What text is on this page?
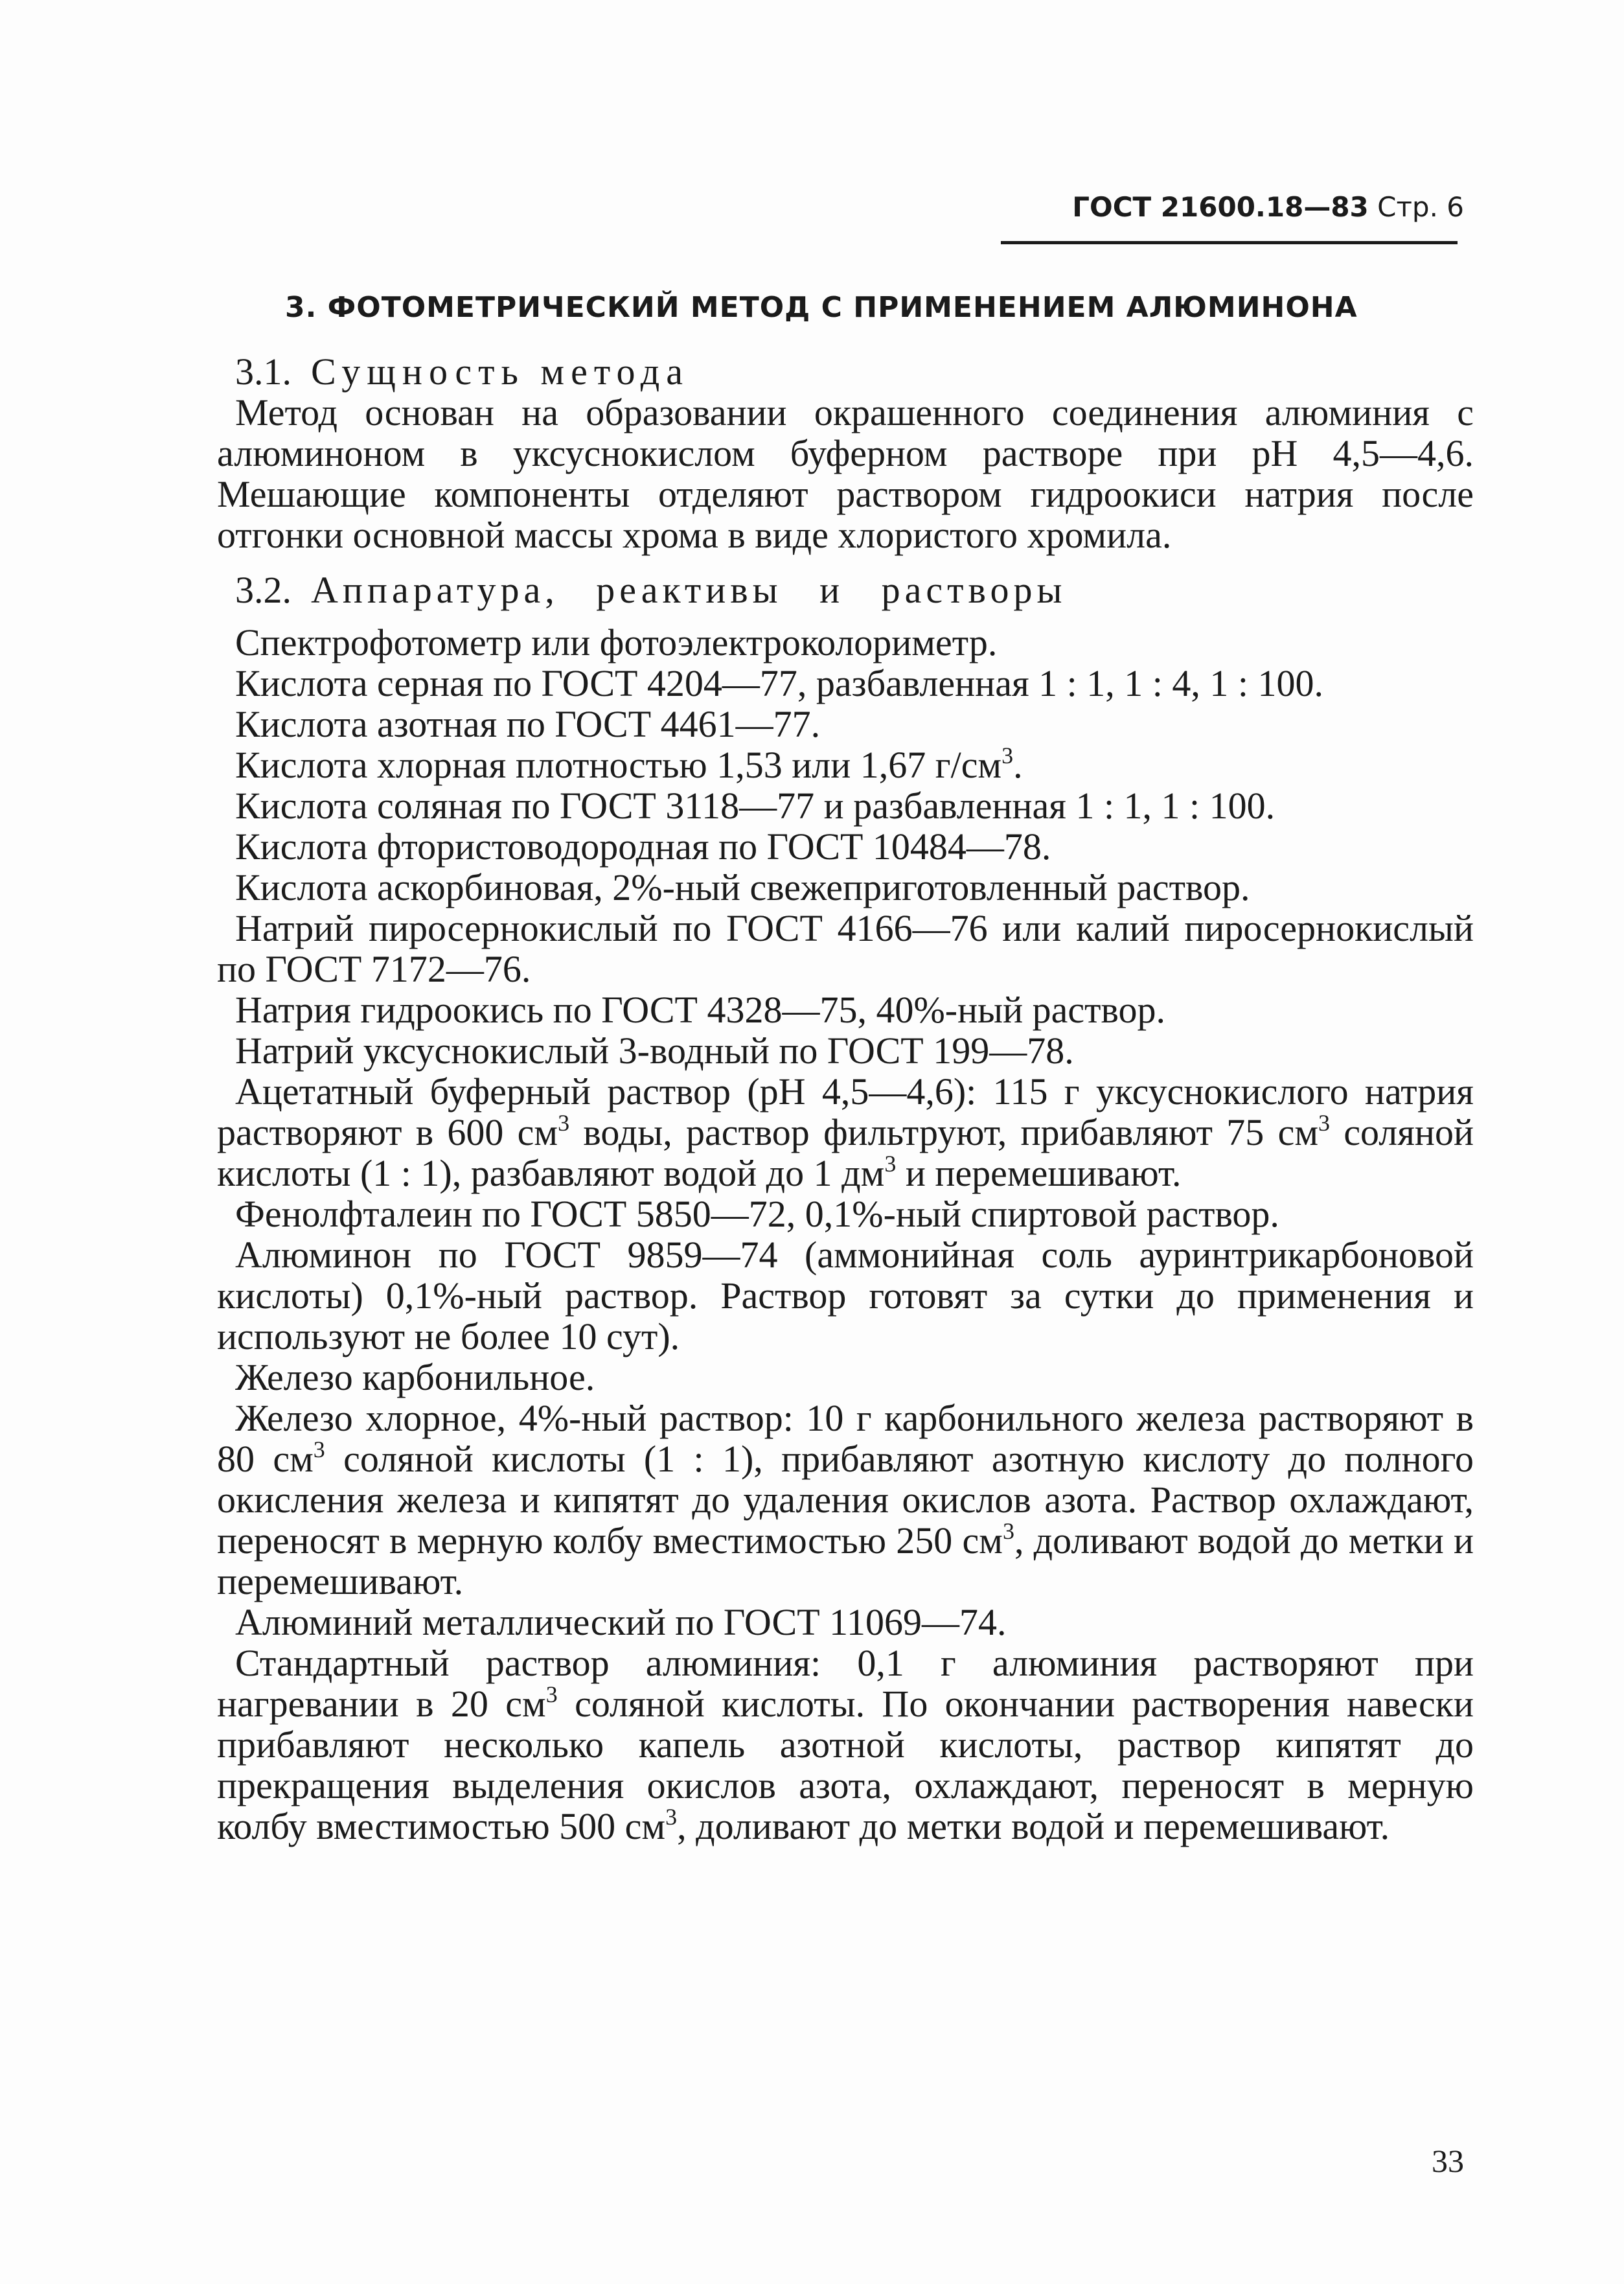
ГОСТ 21600.18—83 Стр. 6
3. ФОТОМЕТРИЧЕСКИЙ МЕТОД С ПРИМЕНЕНИЕМ АЛЮМИНОНА

3.1. Сущность метода

Метод основан на образовании окрашенного соединения алюминия с алюминоном в уксуснокислом буферном растворе при pH 4,5—4,6. Мешающие компоненты отделяют раствором гидроокиси натрия после отгонки основной массы хрома в виде хлористого хромила.

3.2. Аппаратура, реактивы и растворы

Спектрофотометр или фотоэлектроколориметр.

Кислота серная по ГОСТ 4204—77, разбавленная 1 : 1, 1 : 4, 1 : 100.

Кислота азотная по ГОСТ 4461—77.

Кислота хлорная плотностью 1,53 или 1,67 $г/см^3$.

Кислота соляная по ГОСТ 3118—77 и разбавленная 1 : 1, 1 : 100.

Кислота фтористоводородная по ГОСТ 10484—78.

Кислота аскорбиновая, 2%-ный свежеприготовленный раствор.

Натрий пиросернокислый по ГОСТ 4166—76 или калий пиросернокислый по ГОСТ 7172—76.

Натрия гидроокись по ГОСТ 4328—75, 40%-ный раствор.

Натрий уксуснокислый 3-водный по ГОСТ 199—78.

Ацетатный буферный раствор (pH 4,5—4,6): 115 г уксуснокислого натрия растворяют в 600 $см^3$ воды, раствор фильтруют, прибавляют 75 $см^3$ соляной кислоты (1 : 1), разбавляют водой до 1 $дм^3$ и перемешивают.

Фенолфталеин по ГОСТ 5850—72, 0,1%-ный спиртовой раствор.

Алюминон по ГОСТ 9859—74 (аммонийная соль ауринтрикарбоновой кислоты) 0,1%-ный раствор. Раствор готовят за сутки до применения и используют не более 10 сут).

Железо карбонильное.

Железо хлорное, 4%-ный раствор: 10 г карбонильного железа растворяют в 80 $см^3$ соляной кислоты (1 : 1), прибавляют азотную кислоту до полного окисления железа и кипятят до удаления окислов азота. Раствор охлаждают, переносят в мерную колбу вместимостью 250 $см^3$, доливают водой до метки и перемешивают.

Алюминий металлический по ГОСТ 11069—74.

Стандартный раствор алюминия: 0,1 г алюминия растворяют при нагревании в 20 $см^3$ соляной кислоты. По окончании растворения навески прибавляют несколько капель азотной кислоты, раствор кипятят до прекращения выделения окислов азота, охлаждают, переносят в мерную колбу вместимостью 500 $см^3$, доливают до метки водой и перемешивают.

33
